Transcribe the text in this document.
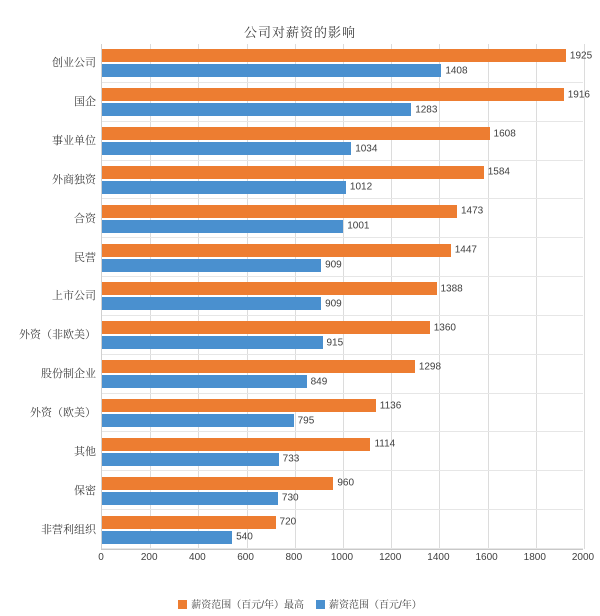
公司对薪资的影响
创业公司
1925
1408
国企
1916
1283
事业单位
1608
1034
外商独资
1584
1012
合资
1473
1001
民营
1447
909
上市公司
1388
909
外资（非欧美）
1360
915
股份制企业
1298
849
外资（欧美）
1136
795
其他
1114
733
保密
960
730
非营利组织
720
540
0	200	400	600	800	1000	1200	1400	1600	1800	2000
薪资范围（百元/年）最高	薪资范围（百元/年）
